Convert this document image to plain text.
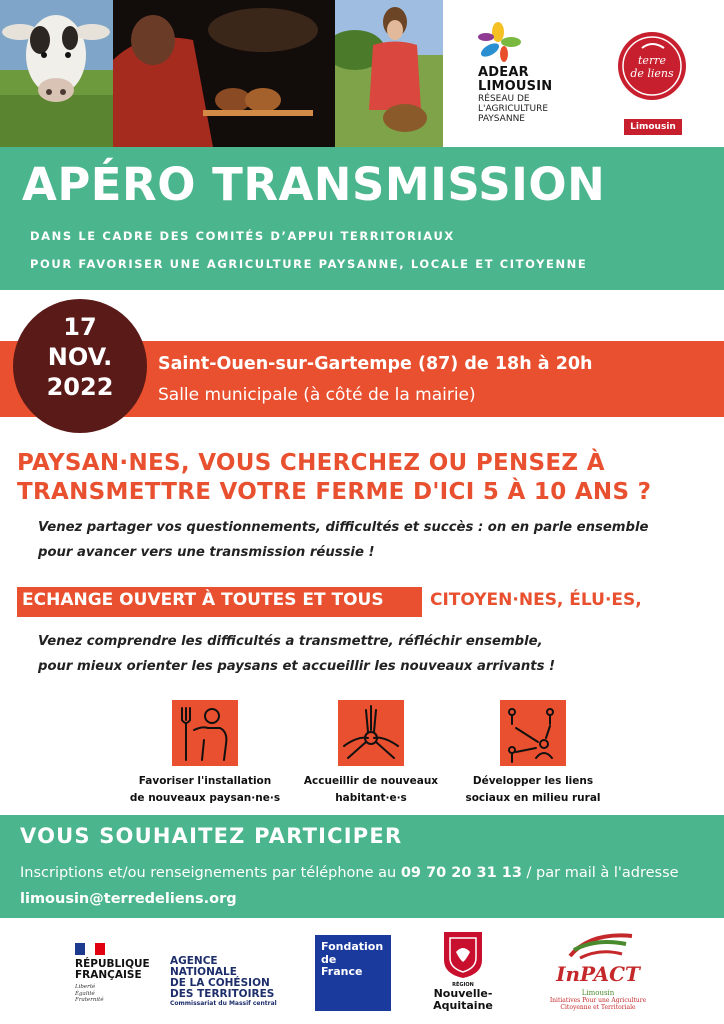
ADEAR
LIMOUSIN
RÉSEAU DE
L'AGRICULTURE
PAYSANNE
terre
de liens
Limousin
APÉRO TRANSMISSION
DANS LE CADRE DES COMITÉS D’APPUI TERRITORIAUX
POUR FAVORISER UNE AGRICULTURE PAYSANNE, LOCALE ET CITOYENNE
17
NOV.
2022
Saint-Ouen-sur-Gartempe (87) de 18h à 20h
Salle municipale (à côté de la mairie)
PAYSAN·NES, VOUS CHERCHEZ OU PENSEZ À
TRANSMETTRE VOTRE FERME D'ICI 5 À 10 ANS ?
Venez partager vos questionnements, difficultés et succès : on en parle ensemble
pour avancer vers une transmission réussie !
ECHANGE OUVERT À TOUTES ET TOUS	CITOYEN·NES, ÉLU·ES,
Venez comprendre les difficultés a transmettre, réfléchir ensemble,
pour mieux orienter les paysans et accueillir les nouveaux arrivants !
Favoriser l'installation
de nouveaux paysan·ne·s
Accueillir de nouveaux
habitant·e·s
Développer les liens
sociaux en milieu rural
VOUS SOUHAITEZ PARTICIPER
Inscriptions et/ou renseignements par téléphone au 09 70 20 31 13 / par mail à l'adresse
limousin@terredeliens.org
RÉPUBLIQUE
FRANÇAISE
Liberté
Égalité
Fraternité
AGENCE
NATIONALE
DE LA COHÉSION
DES TERRITOIRES
Commissariat du Massif central
Fondation
de
France
RÉGION
Nouvelle-
Aquitaine
InPACT
Limousin
Initiatives Pour une Agriculture
Citoyenne et Territoriale
